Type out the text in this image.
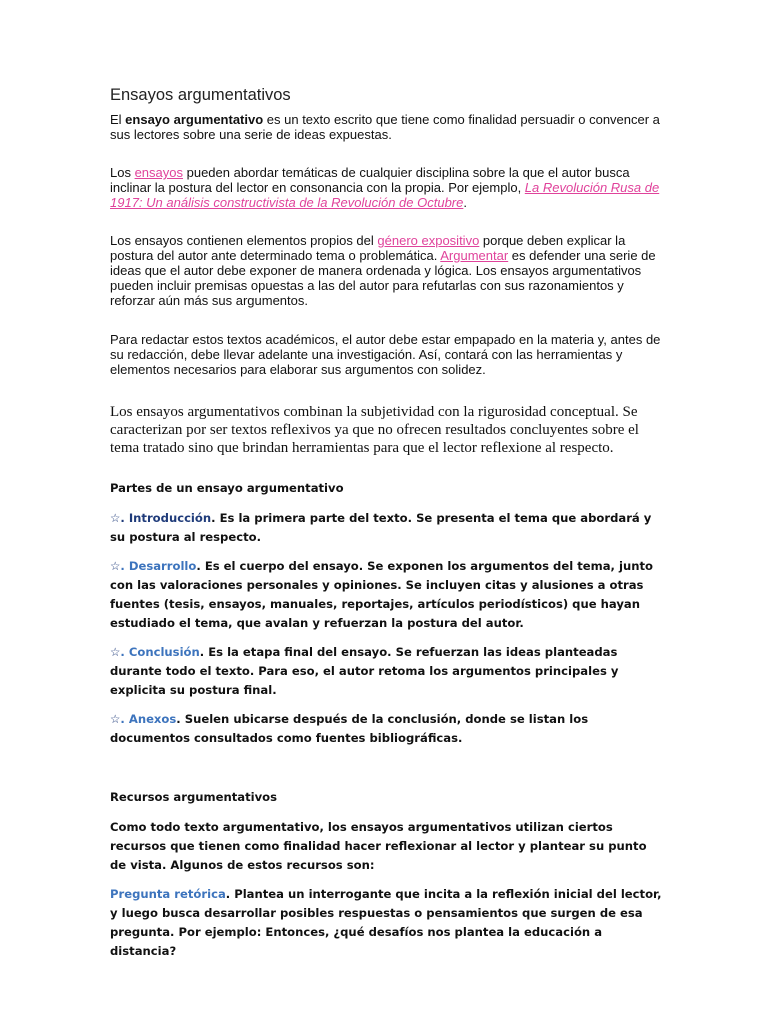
Ensayos argumentativos

El ensayo argumentativo es un texto escrito que tiene como finalidad persuadir o convencer a sus lectores sobre una serie de ideas expuestas.

Los ensayos pueden abordar temáticas de cualquier disciplina sobre la que el autor busca inclinar la postura del lector en consonancia con la propia. Por ejemplo, La Revolución Rusa de 1917: Un análisis constructivista de la Revolución de Octubre.

Los ensayos contienen elementos propios del género expositivo porque deben explicar la postura del autor ante determinado tema o problemática. Argumentar es defender una serie de ideas que el autor debe exponer de manera ordenada y lógica. Los ensayos argumentativos pueden incluir premisas opuestas a las del autor para refutarlas con sus razonamientos y reforzar aún más sus argumentos.

Para redactar estos textos académicos, el autor debe estar empapado en la materia y, antes de su redacción, debe llevar adelante una investigación. Así, contará con las herramientas y elementos necesarios para elaborar sus argumentos con solidez.

Los ensayos argumentativos combinan la subjetividad con la rigurosidad conceptual. Se caracterizan por ser textos reflexivos ya que no ofrecen resultados concluyentes sobre el tema tratado sino que brindan herramientas para que el lector reflexione al respecto.

Partes de un ensayo argumentativo
☆. Introducción. Es la primera parte del texto. Se presenta el tema que abordará y su postura al respecto.
☆. Desarrollo. Es el cuerpo del ensayo. Se exponen los argumentos del tema, junto con las valoraciones personales y opiniones. Se incluyen citas y alusiones a otras fuentes (tesis, ensayos, manuales, reportajes, artículos periodísticos) que hayan estudiado el tema, que avalan y refuerzan la postura del autor.
☆. Conclusión. Es la etapa final del ensayo. Se refuerzan las ideas planteadas durante todo el texto. Para eso, el autor retoma los argumentos principales y explicita su postura final.
☆. Anexos. Suelen ubicarse después de la conclusión, donde se listan los documentos consultados como fuentes bibliográficas.
Recursos argumentativos
Como todo texto argumentativo, los ensayos argumentativos utilizan ciertos recursos que tienen como finalidad hacer reflexionar al lector y plantear su punto de vista. Algunos de estos recursos son:
Pregunta retórica. Plantea un interrogante que incita a la reflexión inicial del lector, y luego busca desarrollar posibles respuestas o pensamientos que surgen de esa pregunta. Por ejemplo: Entonces, ¿qué desafíos nos plantea la educación a distancia?
